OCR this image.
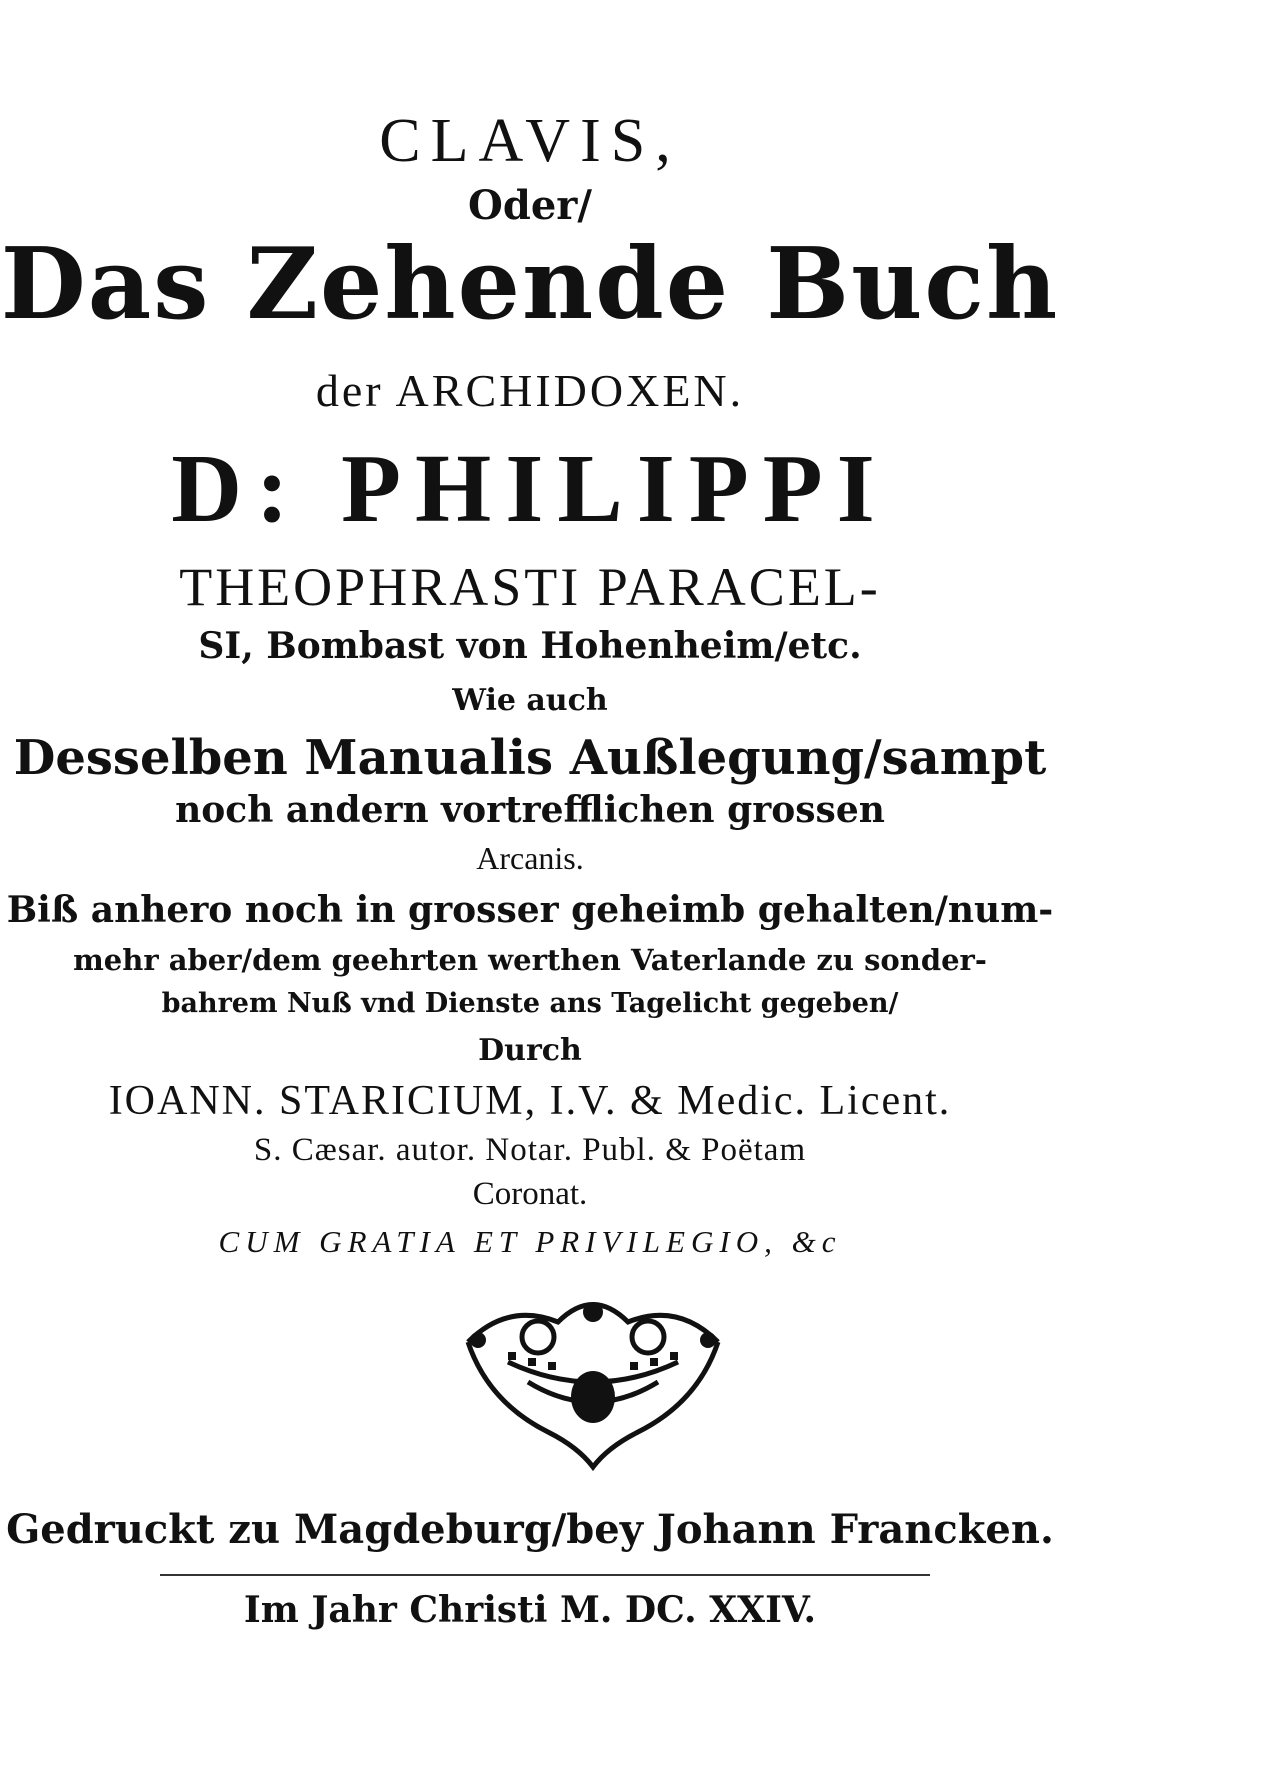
CLAVIS,
Oder/
Das Zehende Buch
der ARCHIDOXEN.
D: PHILIPPI
THEOPHRASTI PARACEL-
SI, Bombast von Hohenheim/etc.
Wie auch
Desselben Manualis Außlegung/sampt
noch andern vortrefflichen grossen
Arcanis.
Biß anhero noch in grosser geheimb gehalten/num-
mehr aber/dem geehrten werthen Vaterlande zu sonder-
bahrem Nuß vnd Dienste ans Tagelicht gegeben/
Durch
IOANN. STARICIUM, I.V. & Medic. Licent.
S. Cæsar. autor. Notar. Publ. & Poëtam
Coronat.
CUM GRATIA ET PRIVILEGIO, &c
Gedruckt zu Magdeburg/bey Johann Francken.
Im Jahr Christi M. DC. XXIV.
